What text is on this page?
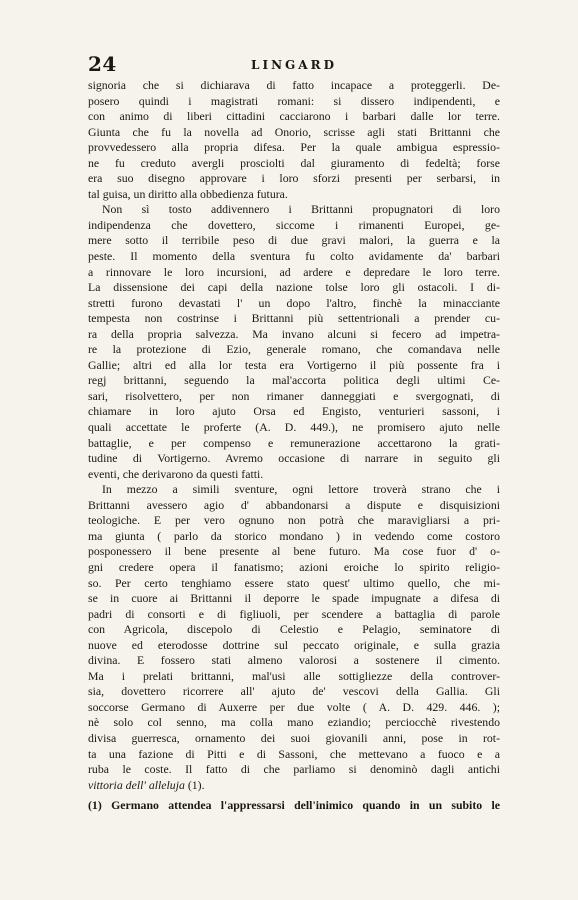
24	LINGARD
signoria che si dichiarava di fatto incapace a proteggerli. De-
posero quindi i magistrati romani: si dissero indipendenti, e
con animo di liberi cittadini cacciarono i barbari dalle lor terre.
Giunta che fu la novella ad Onorio, scrisse agli stati Brittanni che
provvedessero alla propria difesa. Per la quale ambigua espressio-
ne fu creduto avergli prosciolti dal giuramento di fedeltà; forse
era suo disegno approvare i loro sforzi presenti per serbarsi, in
tal guisa, un diritto alla obbedienza futura.
Non sì tosto addivennero i Brittanni propugnatori di loro
indipendenza che dovettero, siccome i rimanenti Europei, ge-
mere sotto il terribile peso di due gravi malori, la guerra e la
peste. Il momento della sventura fu colto avidamente da' barbari
a rinnovare le loro incursioni, ad ardere e depredare le loro terre.
La dissensione dei capi della nazione tolse loro gli ostacoli. I di-
stretti furono devastati l' un dopo l'altro, finchè la minacciante
tempesta non costrinse i Brittanni più settentrionali a prender cu-
ra della propria salvezza. Ma invano alcuni si fecero ad impetra-
re la protezione di Ezio, generale romano, che comandava nelle
Gallie; altri ed alla lor testa era Vortigerno il più possente fra i
regj brittanni, seguendo la mal'accorta politica degli ultimi Ce-
sari, risolvettero, per non rimaner danneggiati e svergognati, di
chiamare in loro ajuto Orsa ed Engisto, venturieri sassoni, i
quali accettate le proferte (A. D. 449.), ne promisero ajuto nelle
battaglie, e per compenso e remunerazione accettarono la grati-
tudine di Vortigerno. Avremo occasione di narrare in seguito gli
eventi, che derivarono da questi fatti.
In mezzo a simili sventure, ogni lettore troverà strano che i
Brittanni avessero agio d' abbandonarsi a dispute e disquisizioni
teologiche. E per vero ognuno non potrà che maravigliarsi a pri-
ma giunta ( parlo da storico mondano ) in vedendo come costoro
posponessero il bene presente al bene futuro. Ma cose fuor d' o-
gni credere opera il fanatismo; azioni eroiche lo spirito religio-
so. Per certo tenghiamo essere stato quest' ultimo quello, che mi-
se in cuore ai Brittanni il deporre le spade impugnate a difesa di
padri di consorti e di figliuoli, per scendere a battaglia di parole
con Agricola, discepolo di Celestio e Pelagio, seminatore di
nuove ed eterodosse dottrine sul peccato originale, e sulla grazia
divina. E fossero stati almeno valorosi a sostenere il cimento.
Ma i prelati brittanni, mal'usi alle sottigliezze della controver-
sia, dovettero ricorrere all' ajuto de' vescovi della Gallia. Gli
soccorse Germano di Auxerre per due volte ( A. D. 429. 446. );
nè solo col senno, ma colla mano eziandio; perciocchè rivestendo
divisa guerresca, ornamento dei suoi giovanili anni, pose in rot-
ta una fazione di Pitti e di Sassoni, che mettevano a fuoco e a
ruba le coste. Il fatto di che parliamo si denominò dagli antichi
vittoria dell' alleluja (1).
(1) Germano attendea l'appressarsi dell'inimico quando in un subito le
